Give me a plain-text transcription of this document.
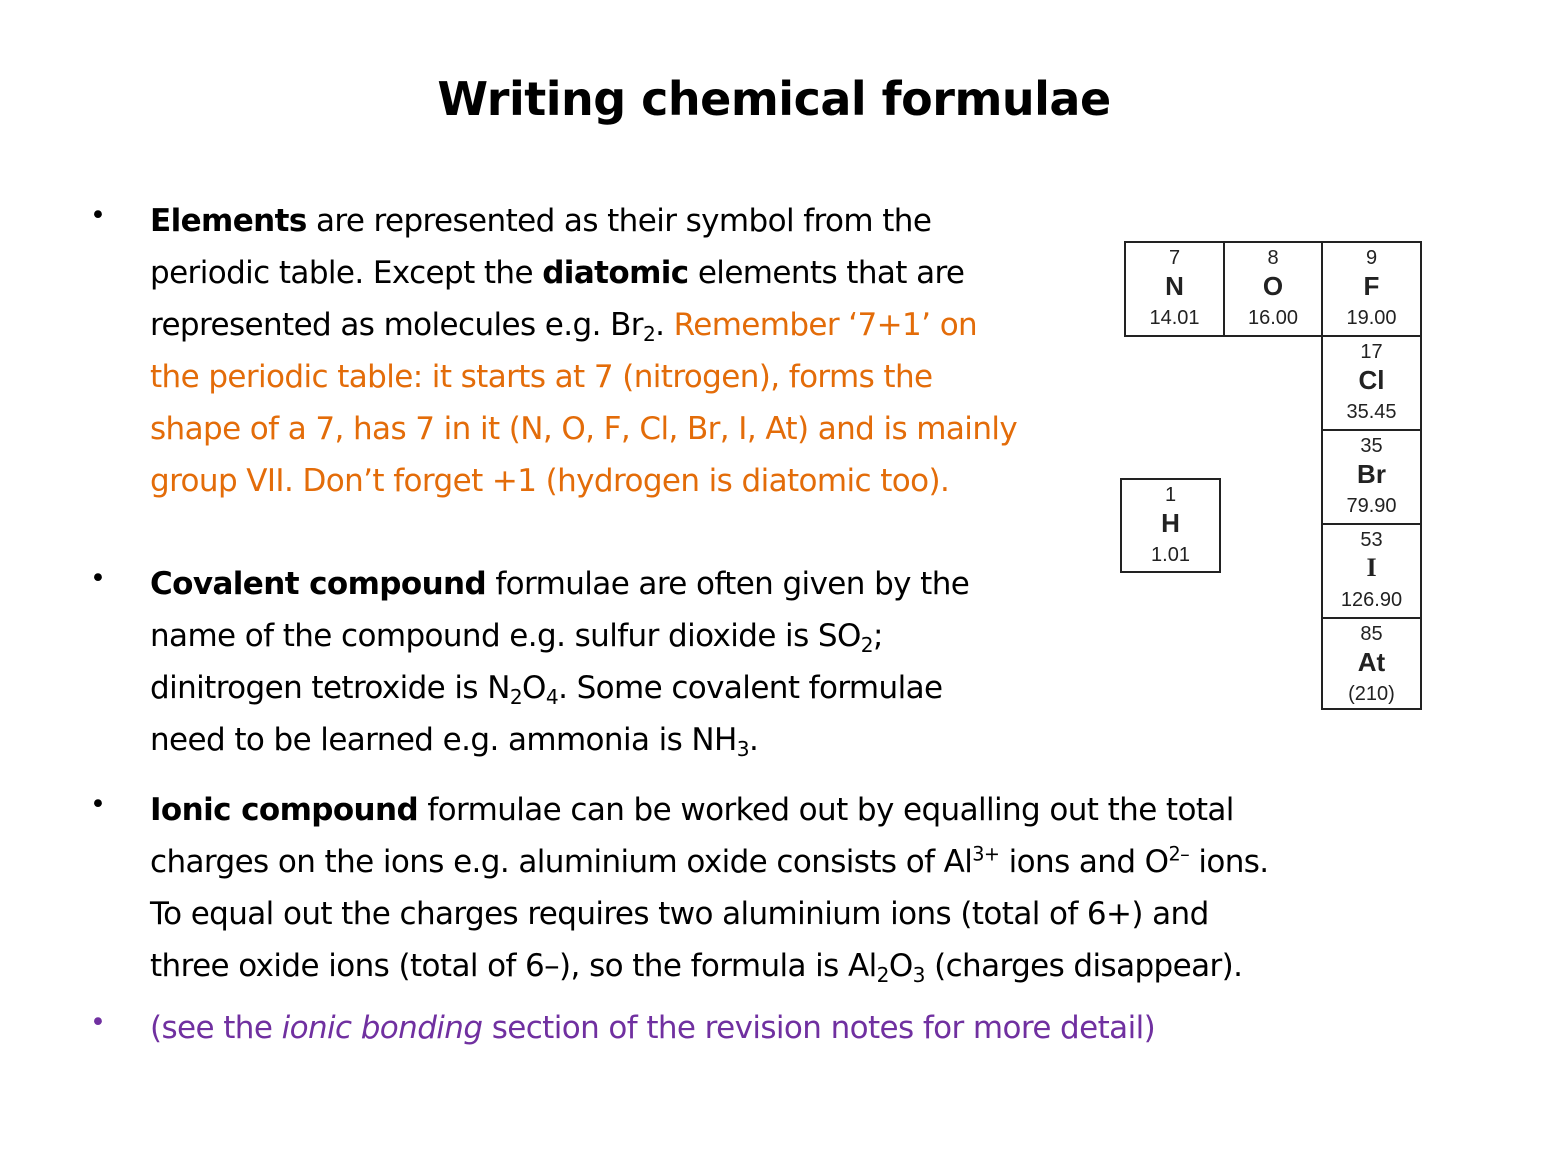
Writing chemical formulae
• Elements are represented as their symbol from the
periodic table. Except the diatomic elements that are
represented as molecules e.g. $Br_2$. Remember ‘7+1’ on
the periodic table: it starts at 7 (nitrogen), forms the
shape of a 7, has 7 in it (N, O, F, Cl, Br, I, At) and is mainly
group VII. Don’t forget +1 (hydrogen is diatomic too).

• Covalent compound formulae are often given by the
name of the compound e.g. sulfur dioxide is $SO_2$;
dinitrogen tetroxide is $N_2O_4$. Some covalent formulae
need to be learned e.g. ammonia is $NH_3$.

• Ionic compound formulae can be worked out by equalling out the total
charges on the ions e.g. aluminium oxide consists of $Al^{3+}$ ions and $O^{2-}$ ions.
To equal out the charges requires two aluminium ions (total of 6+) and
three oxide ions (total of 6–), so the formula is $Al_2O_3$ (charges disappear).

• (see the ionic bonding section of the revision notes for more detail)

7
N
14.01
8
O
16.00
9
F
19.00
17
Cl
35.45
35
Br
79.90
53
I
126.90
85
At
(210)
1
H
1.01
